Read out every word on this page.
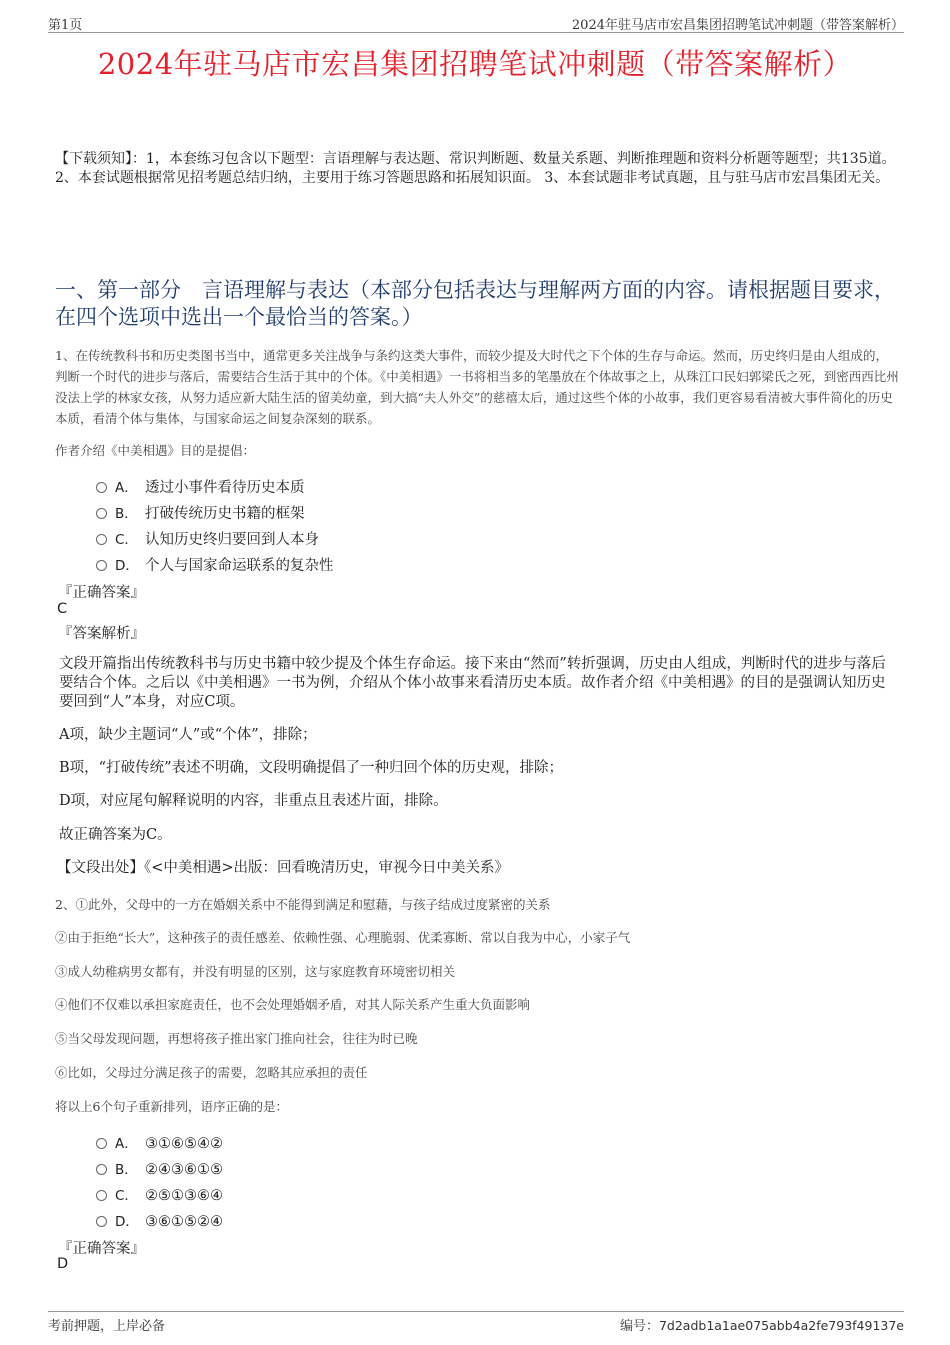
第1页	2024年驻马店市宏昌集团招聘笔试冲刺题（带答案解析）
2024年驻马店市宏昌集团招聘笔试冲刺题（带答案解析）
【下载须知】：1，本套练习包含以下题型：言语理解与表达题、常识判断题、数量关系题、判断推理题和资料分析题等题型；共135道。 2、本套试题根据常见招考题总结归纳，主要用于练习答题思路和拓展知识面。 3、本套试题非考试真题，且与驻马店市宏昌集团无关。
一、第一部分　言语理解与表达（本部分包括表达与理解两方面的内容。请根据题目要求，在四个选项中选出一个最恰当的答案。）
1、在传统教科书和历史类图书当中，通常更多关注战争与条约这类大事件，而较少提及大时代之下个体的生存与命运。然而，历史终归是由人组成的，判断一个时代的进步与落后，需要结合生活于其中的个体。《中美相遇》一书将相当多的笔墨放在个体故事之上，从珠江口民妇郭梁氏之死，到密西西比州没法上学的林家女孩，从努力适应新大陆生活的留美幼童，到大搞“夫人外交”的慈禧太后，通过这些个体的小故事，我们更容易看清被大事件简化的历史本质，看清个体与集体，与国家命运之间复杂深刻的联系。
作者介绍《中美相遇》目的是提倡：
A． 透过小事件看待历史本质
B． 打破传统历史书籍的框架
C． 认知历史终归要回到人本身
D． 个人与国家命运联系的复杂性
『正确答案』
C
『答案解析』
文段开篇指出传统教科书与历史书籍中较少提及个体生存命运。接下来由“然而”转折强调，历史由人组成，判断时代的进步与落后要结合个体。之后以《中美相遇》一书为例，介绍从个体小故事来看清历史本质。故作者介绍《中美相遇》的目的是强调认知历史要回到“人”本身，对应C项。
A项，缺少主题词“人”或“个体”，排除；
B项，“打破传统”表述不明确，文段明确提倡了一种归回个体的历史观，排除；
D项，对应尾句解释说明的内容，非重点且表述片面，排除。
故正确答案为C。
【文段出处】《<中美相遇>出版：回看晚清历史，审视今日中美关系》
2、①此外，父母中的一方在婚姻关系中不能得到满足和慰藉，与孩子结成过度紧密的关系
②由于拒绝“长大”，这种孩子的责任感差、依赖性强、心理脆弱、优柔寡断、常以自我为中心，小家子气
③成人幼稚病男女都有，并没有明显的区别，这与家庭教育环境密切相关
④他们不仅难以承担家庭责任，也不会处理婚姻矛盾，对其人际关系产生重大负面影响
⑤当父母发现问题，再想将孩子推出家门推向社会，往往为时已晚
⑥比如，父母过分满足孩子的需要，忽略其应承担的责任
将以上6个句子重新排列，语序正确的是：
A． ③①⑥⑤④②
B． ②④③⑥①⑤
C． ②⑤①③⑥④
D． ③⑥①⑤②④
『正确答案』
D
考前押题，上岸必备	编号：7d2adb1a1ae075abb4a2fe793f49137e
